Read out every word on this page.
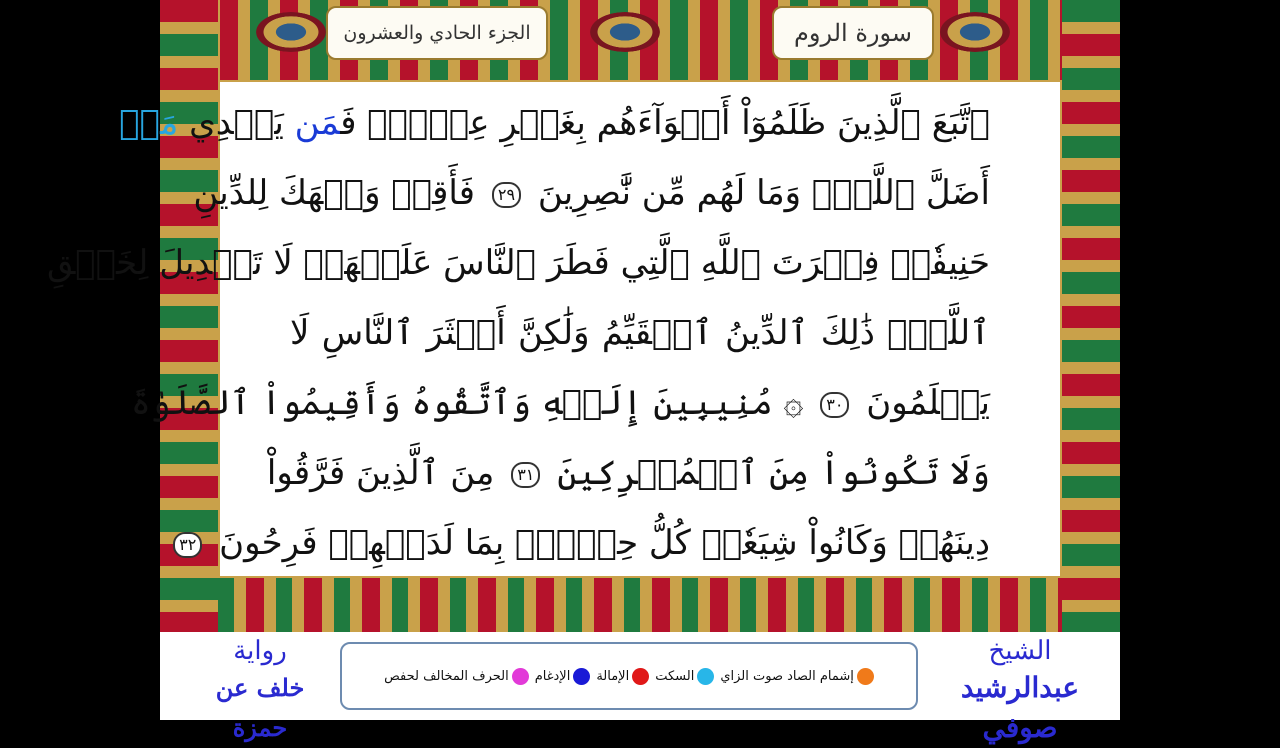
الجزء الحادي والعشرون	سورة الروم
ٱتَّبَعَ ٱلَّذِينَ ظَلَمُوٓاْ أَهۡوَآءَهُم بِغَيۡرِ عِلۡمٖۖ فَمَن يَهۡدِي مَنۡ
أَضَلَّ ٱللَّهُۖ وَمَا لَهُم مِّن نَّٰصِرِينَ ٢٩ فَأَقِمۡ وَجۡهَكَ لِلدِّينِ
حَنِيفٗاۚ فِطۡرَتَ ٱللَّهِ ٱلَّتِي فَطَرَ ٱلنَّاسَ عَلَيۡهَاۚ لَا تَبۡدِيلَ لِخَلۡقِ
ٱللَّهِۚ ذَٰلِكَ ٱلدِّينُ ٱلۡقَيِّمُ وَلَٰكِنَّ أَكۡثَرَ ٱلنَّاسِ لَا
يَعۡلَمُونَ ٣٠ ۞ مُنِيبِينَ إِلَيۡهِ وَٱتَّقُوهُ وَأَقِيمُواْ ٱلصَّلَوٰةَ
وَلَا تَكُونُواْ مِنَ ٱلۡمُشۡرِكِينَ ٣١ مِنَ ٱلَّذِينَ فَرَّقُواْ
دِينَهُمۡ وَكَانُواْ شِيَعٗاۖ كُلُّ حِزۡبِۢ بِمَا لَدَيۡهِمۡ فَرِحُونَ ٣٢
الشيخ
عبدالرشيد صوفي
الحرف المخالف لحفص الإدغام الإمالة السكت إشمام الصاد صوت الزاي
رواية
خلف عن حمزة
